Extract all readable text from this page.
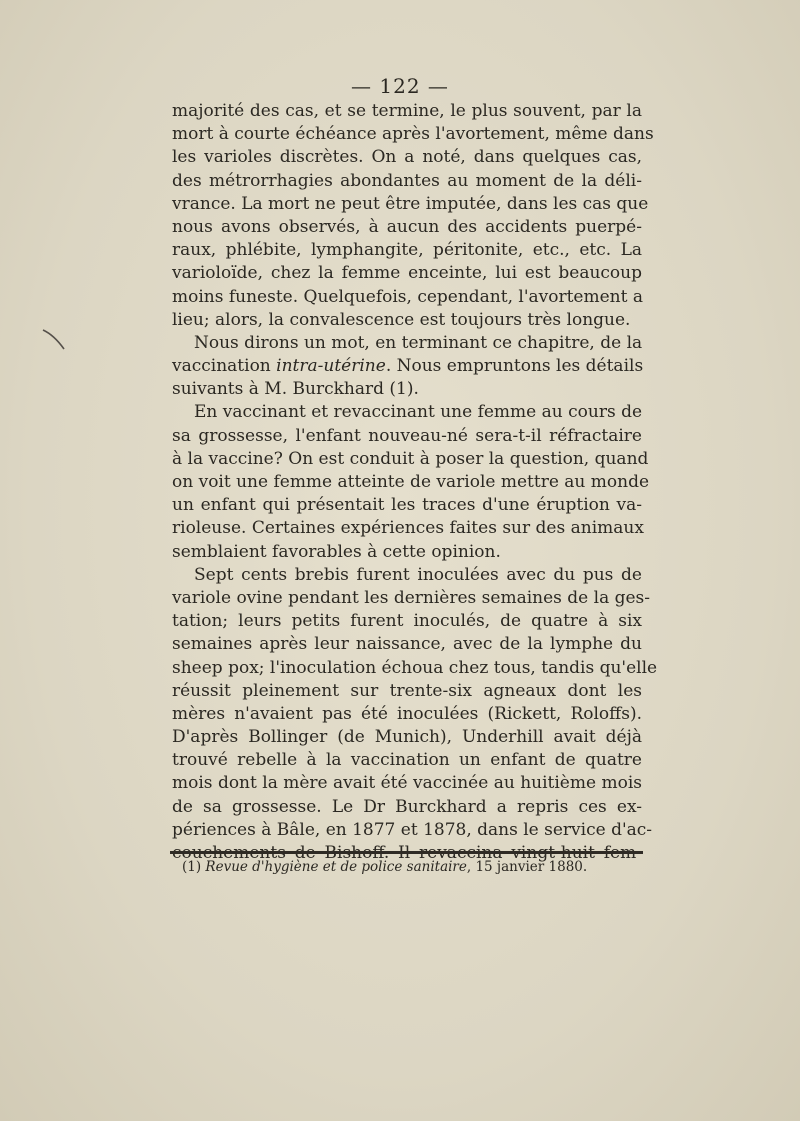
— 122 —
majorité des cas, et se termine, le plus souvent, par la
mort à courte échéance après l'avortement, même dans
les varioles discrètes. On a noté, dans quelques cas,
des métrorrhagies abondantes au moment de la déli-
vrance. La mort ne peut être imputée, dans les cas que
nous avons observés, à aucun des accidents puerpé-
raux, phlébite, lymphangite, péritonite, etc., etc. La
varioloïde, chez la femme enceinte, lui est beaucoup
moins funeste. Quelquefois, cependant, l'avortement a
lieu; alors, la convalescence est toujours très longue.
Nous dirons un mot, en terminant ce chapitre, de la
vaccination intra-utérine. Nous empruntons les détails
suivants à M. Burckhard (1).
En vaccinant et revaccinant une femme au cours de
sa grossesse, l'enfant nouveau-né sera-t-il réfractaire
à la vaccine? On est conduit à poser la question, quand
on voit une femme atteinte de variole mettre au monde
un enfant qui présentait les traces d'une éruption va-
rioleuse. Certaines expériences faites sur des animaux
semblaient favorables à cette opinion.
Sept cents brebis furent inoculées avec du pus de
variole ovine pendant les dernières semaines de la ges-
tation; leurs petits furent inoculés, de quatre à six
semaines après leur naissance, avec de la lymphe du
sheep pox; l'inoculation échoua chez tous, tandis qu'elle
réussit pleinement sur trente-six agneaux dont les
mères n'avaient pas été inoculées (Rickett, Roloffs).
D'après Bollinger (de Munich), Underhill avait déjà
trouvé rebelle à la vaccination un enfant de quatre
mois dont la mère avait été vaccinée au huitième mois
de sa grossesse. Le Dr Burckhard a repris ces ex-
périences à Bâle, en 1877 et 1878, dans le service d'ac-
couchements de Bishoff. Il revaccina vingt-huit fem-
(1) Revue d'hygiène et de police sanitaire, 15 janvier 1880.
